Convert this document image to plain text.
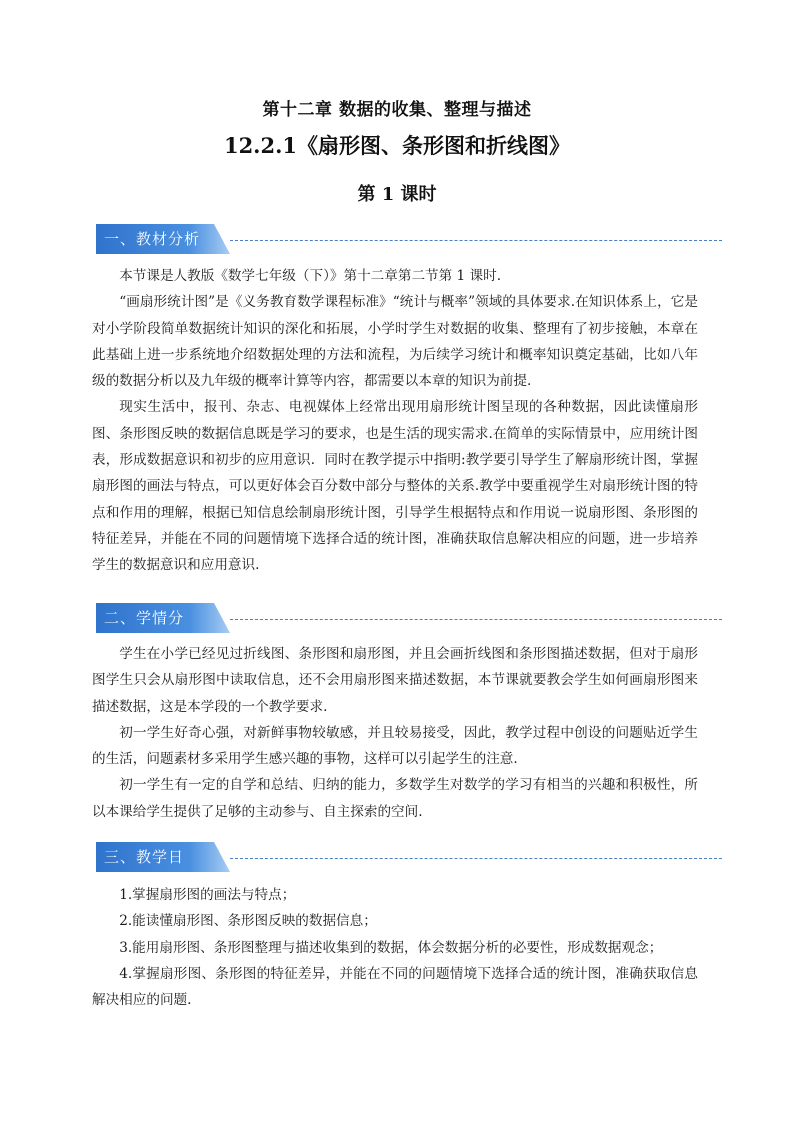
第十二章 数据的收集、整理与描述
12.2.1《扇形图、条形图和折线图》
第 1 课时
一、教材分析

本节课是人教版《数学七年级（下）》第十二章第二节第 1 课时.

“画扇形统计图”是《义务教育数学课程标准》“统计与概率”领域的具体要求.在知识体系上，它是对小学阶段简单数据统计知识的深化和拓展，小学时学生对数据的收集、整理有了初步接触，本章在此基础上进一步系统地介绍数据处理的方法和流程，为后续学习统计和概率知识奠定基础，比如八年级的数据分析以及九年级的概率计算等内容，都需要以本章的知识为前提.

现实生活中，报刊、杂志、电视媒体上经常出现用扇形统计图呈现的各种数据，因此读懂扇形图、条形图反映的数据信息既是学习的要求，也是生活的现实需求.在简单的实际情景中，应用统计图表，形成数据意识和初步的应用意识．同时在教学提示中指明:教学要引导学生了解扇形统计图，掌握扇形图的画法与特点，可以更好体会百分数中部分与整体的关系.教学中要重视学生对扇形统计图的特点和作用的理解，根据已知信息绘制扇形统计图，引导学生根据特点和作用说一说扇形图、条形图的特征差异，并能在不同的问题情境下选择合适的统计图，准确获取信息解决相应的问题，进一步培养学生的数据意识和应用意识.

二、学情分

学生在小学已经见过折线图、条形图和扇形图，并且会画折线图和条形图描述数据，但对于扇形图学生只会从扇形图中读取信息，还不会用扇形图来描述数据，本节课就要教会学生如何画扇形图来描述数据，这是本学段的一个教学要求.

初一学生好奇心强，对新鲜事物较敏感，并且较易接受，因此，教学过程中创设的问题贴近学生的生活，问题素材多采用学生感兴趣的事物，这样可以引起学生的注意.

初一学生有一定的自学和总结、归纳的能力，多数学生对数学的学习有相当的兴趣和积极性，所以本课给学生提供了足够的主动参与、自主探索的空间.

三、教学日

1.掌握扇形图的画法与特点；

2.能读懂扇形图、条形图反映的数据信息；

3.能用扇形图、条形图整理与描述收集到的数据，体会数据分析的必要性，形成数据观念；

4.掌握扇形图、条形图的特征差异，并能在不同的问题情境下选择合适的统计图，准确获取信息解决相应的问题.
